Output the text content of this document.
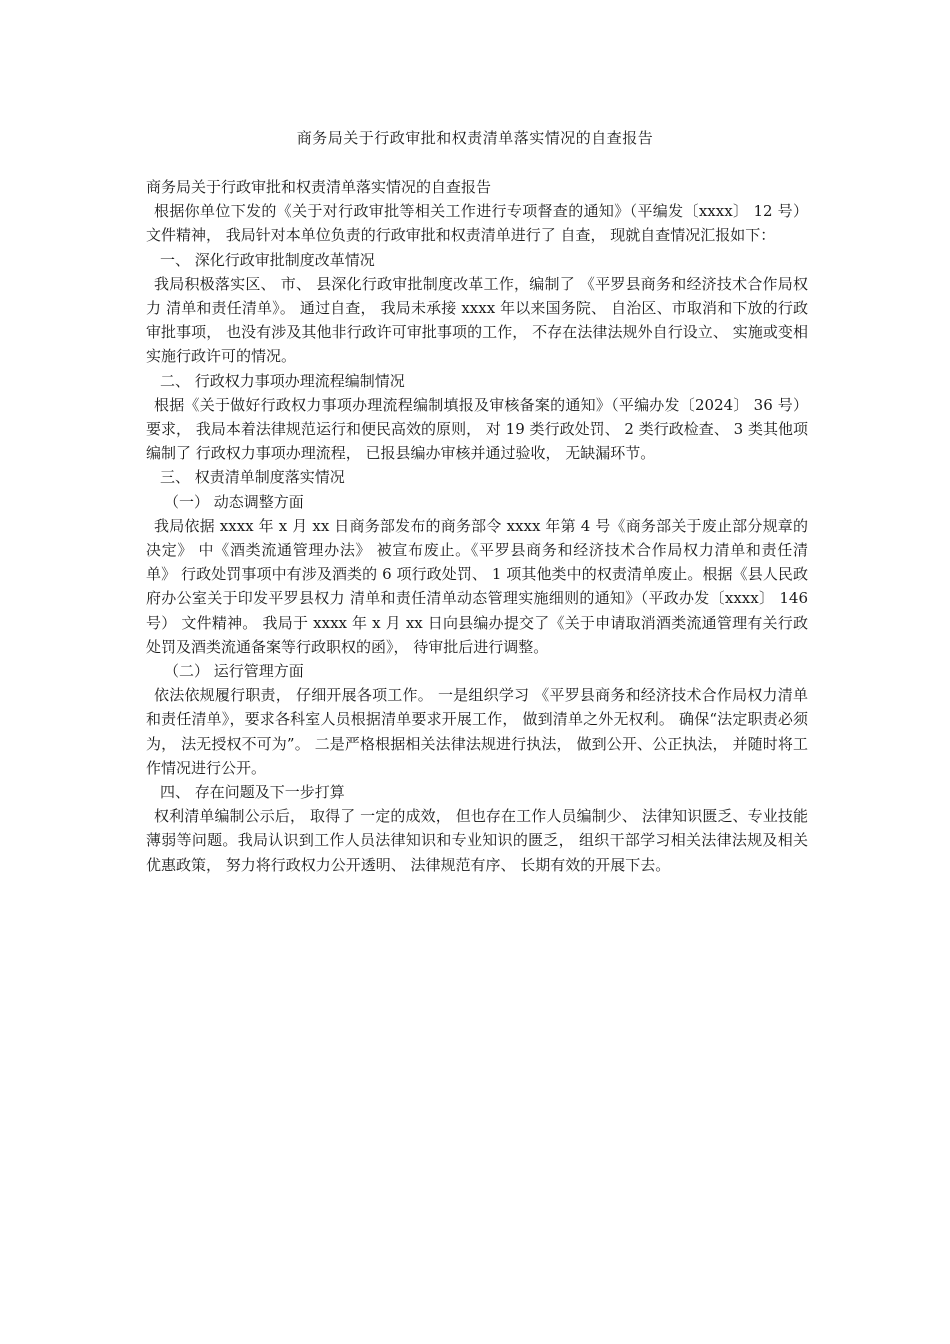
商务局关于行政审批和权责清单落实情况的自查报告

商务局关于行政审批和权责清单落实情况的自查报告

根据你单位下发的《关于对行政审批等相关工作进行专项督查的通知》（平编发〔xxxx〕 12 号） 文件精神， 我局针对本单位负责的行政审批和权责清单进行了 自查， 现就自查情况汇报如下：

一、 深化行政审批制度改革情况

我局积极落实区、 市、 县深化行政审批制度改革工作，编制了 《平罗县商务和经济技术合作局权力 清单和责任清单》。 通过自查， 我局未承接 xxxx 年以来国务院、 自治区、市取消和下放的行政审批事项， 也没有涉及其他非行政许可审批事项的工作， 不存在法律法规外自行设立、 实施或变相实施行政许可的情况。

二、 行政权力事项办理流程编制情况

根据《关于做好行政权力事项办理流程编制填报及审核备案的通知》（平编办发〔2024〕 36 号） 要求， 我局本着法律规范运行和便民高效的原则， 对 19 类行政处罚、 2 类行政检查、 3 类其他项编制了 行政权力事项办理流程， 已报县编办审核并通过验收， 无缺漏环节。

三、 权责清单制度落实情况

（一） 动态调整方面

我局依据 xxxx 年 x 月 xx 日商务部发布的商务部令 xxxx 年第 4 号《商务部关于废止部分规章的决定》 中《酒类流通管理办法》 被宣布废止。《平罗县商务和经济技术合作局权力清单和责任清单》 行政处罚事项中有涉及酒类的 6 项行政处罚、 1 项其他类中的权责清单废止。根据《县人民政府办公室关于印发平罗县权力 清单和责任清单动态管理实施细则的通知》（平政办发〔xxxx〕 146 号） 文件精神。 我局于 xxxx 年 x 月 xx 日向县编办提交了《关于申请取消酒类流通管理有关行政处罚及酒类流通备案等行政职权的函》， 待审批后进行调整。

（二） 运行管理方面

依法依规履行职责， 仔细开展各项工作。 一是组织学习 《平罗县商务和经济技术合作局权力清单和责任清单》，要求各科室人员根据清单要求开展工作， 做到清单之外无权利。 确保“法定职责必须为， 法无授权不可为”。 二是严格根据相关法律法规进行执法， 做到公开、公正执法， 并随时将工作情况进行公开。

四、 存在问题及下一步打算

权利清单编制公示后， 取得了 一定的成效， 但也存在工作人员编制少、 法律知识匮乏、专业技能薄弱等问题。我局认识到工作人员法律知识和专业知识的匮乏， 组织干部学习相关法律法规及相关优惠政策， 努力将行政权力公开透明、 法律规范有序、 长期有效的开展下去。
